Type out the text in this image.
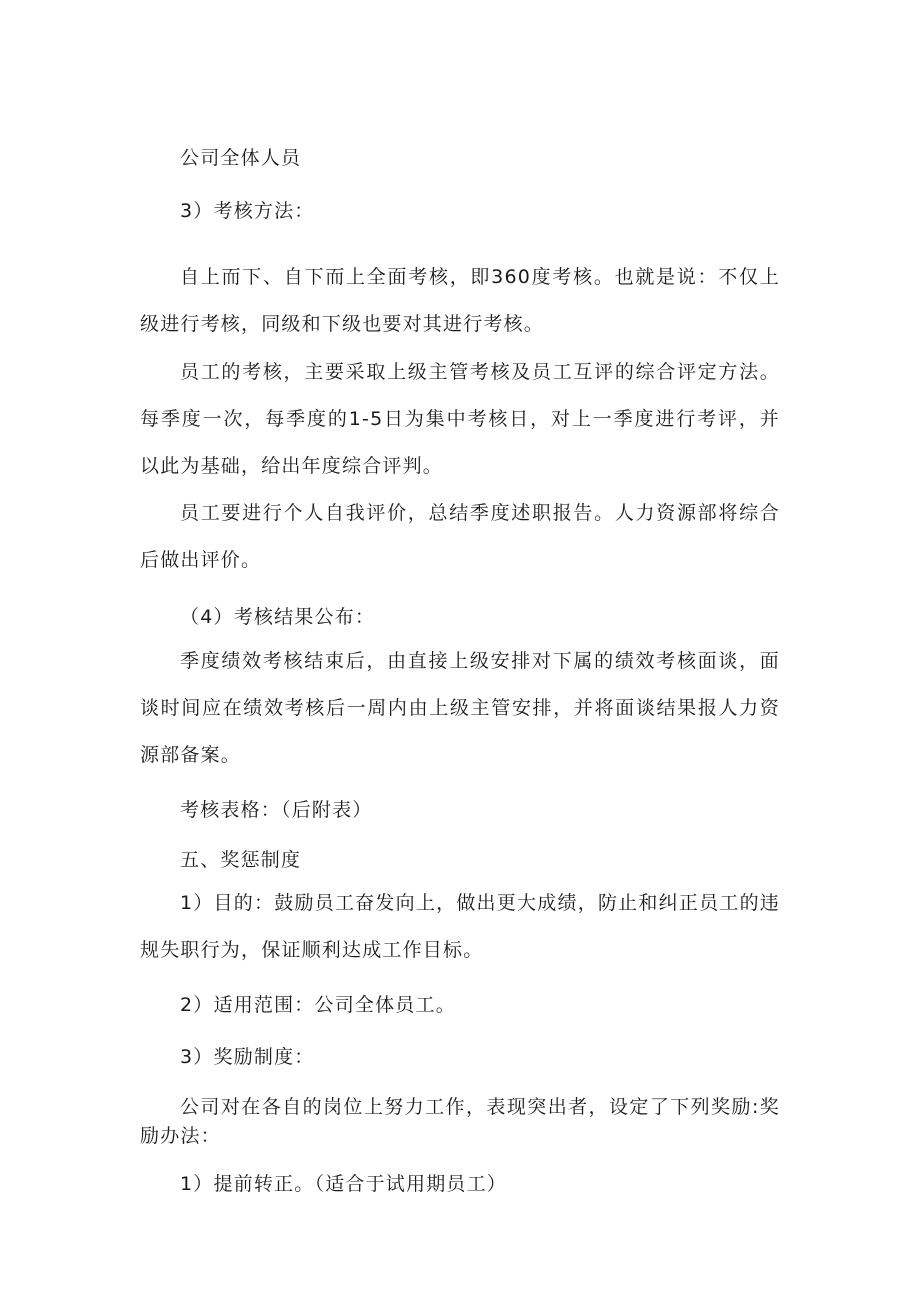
公司全体人员

3）考核方法：

自上而下、自下而上全面考核，即360度考核。也就是说：不仅上级进行考核，同级和下级也要对其进行考核。

员工的考核，主要采取上级主管考核及员工互评的综合评定方法。每季度一次，每季度的1-5日为集中考核日，对上一季度进行考评，并以此为基础，给出年度综合评判。

员工要进行个人自我评价，总结季度述职报告。人力资源部将综合后做出评价。

（4）考核结果公布：

季度绩效考核结束后，由直接上级安排对下属的绩效考核面谈，面谈时间应在绩效考核后一周内由上级主管安排，并将面谈结果报人力资源部备案。

考核表格：（后附表）

五、奖惩制度

1）目的：鼓励员工奋发向上，做出更大成绩，防止和纠正员工的违规失职行为，保证顺利达成工作目标。

2）适用范围：公司全体员工。

3）奖励制度：

公司对在各自的岗位上努力工作，表现突出者，设定了下列奖励:奖励办法：

1）提前转正。（适合于试用期员工）
